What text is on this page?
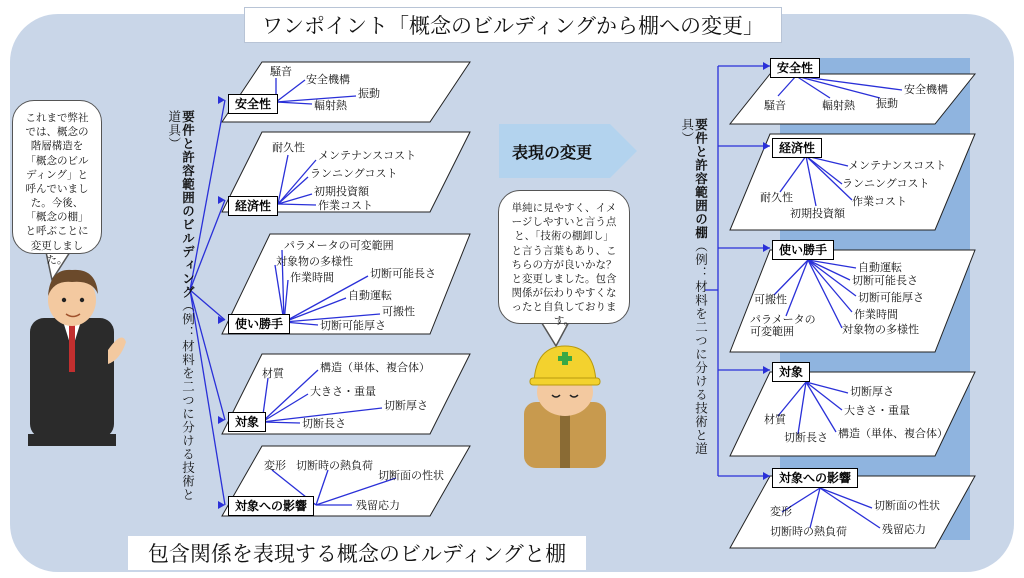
ワンポイント「概念のビルディングから棚への変更」
包含関係を表現する概念のビルディングと棚
表現の変更
これまで弊社では、概念の階層構造を「概念のビルディング」と呼んでいました。今後、「概念の棚」と呼ぶことに変更しました。
単純に見やすく、イメージしやすいと言う点と、「技術の棚卸し」と言う言葉もあり、こちらの方が良いかな？と変更しました。包含関係が伝わりやすくなったと自負しております。
要件と許容範囲のビルディング（例：材料を二つに分ける技術と道具）	要件と許容範囲の棚（例：材料を二つに分ける技術と道具）
安全性
経済性
使い勝手
対象
対象への影響
騒音
安全機構
振動
輻射熱
耐久性
メンテナンスコスト
ランニングコスト
初期投資額
作業コスト
パラメータの可変範囲
対象物の多様性
作業時間	切断可能長さ
自動運転
可搬性
切断可能厚さ
材質	構造（単体、複合体）
大きさ・重量
切断厚さ
切断長さ
変形 切断時の熱負荷
切断面の性状
残留応力
安全性
経済性
使い勝手
対象
対象への影響
騒音	輻射熱 振動
安全機構
メンテナンスコスト
ランニングコスト
耐久性	作業コスト
初期投資額
自動運転
切断可能長さ
可搬性	切断可能厚さ
作業時間
パラメータの可変範囲	対象物の多様性
切断厚さ
大きさ・重量
材質
切断長さ 構造（単体、複合体）
切断面の性状
変形
切断時の熱負荷	残留応力
